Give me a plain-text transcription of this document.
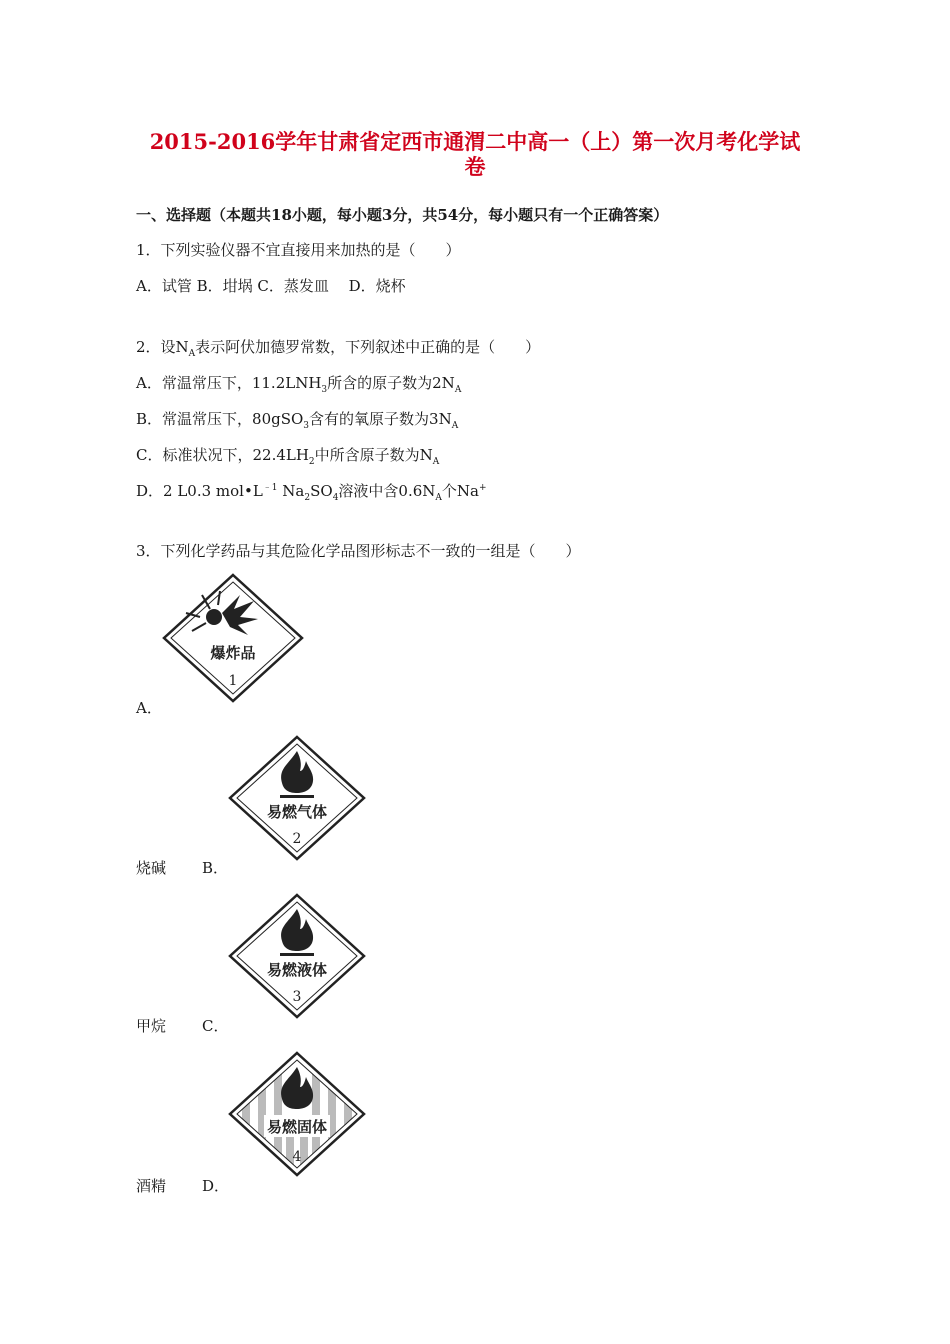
2015-2016学年甘肃省定西市通渭二中高一（上）第一次月考化学试
卷
一、选择题（本题共18小题，每小题3分，共54分，每小题只有一个正确答案）
1．下列实验仪器不宜直接用来加热的是（　　）
A．试管 B．坩埚 C．蒸发皿　 D．烧杯
2．设$N_A$表示阿伏加德罗常数，下列叙述中正确的是（　　）
A．常温常压下，$11.2LNH_3$所含的原子数为$2N_A$
B．常温常压下，80gSO$_3$含有的氧原子数为$3N_A$
C．标准状况下，$22.4LH_2$中所含原子数为$N_A$
D．2 L0.3 $mol•L^{﹣1}$ $Na_2SO_4$溶液中含$0.6N_A$个Na+
3．下列化学药品与其危险化学品图形标志不一致的一组是（　　）
爆炸品
1
A．
易燃气体
2
烧碱 B．
易燃液体
3
甲烷 C．
易燃固体
4
酒精 D．
